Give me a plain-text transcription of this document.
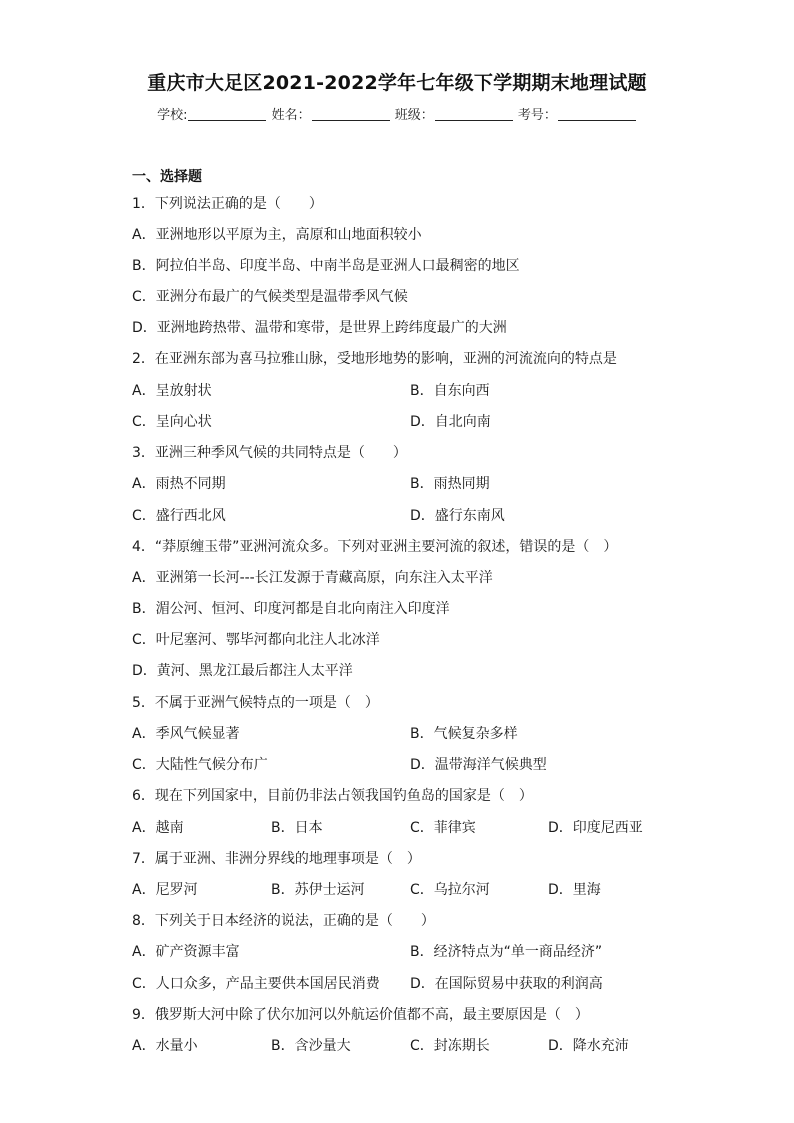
重庆市大足区2021-2022学年七年级下学期期末地理试题
学校:	姓名：	班级：	考号：
一、选择题
1．下列说法正确的是（　　）
A．亚洲地形以平原为主，高原和山地面积较小
B．阿拉伯半岛、印度半岛、中南半岛是亚洲人口最稠密的地区
C．亚洲分布最广的气候类型是温带季风气候
D．亚洲地跨热带、温带和寒带，是世界上跨纬度最广的大洲
2．在亚洲东部为喜马拉雅山脉，受地形地势的影响，亚洲的河流流向的特点是
A．呈放射状	B．自东向西
C．呈向心状	D．自北向南
3．亚洲三种季风气候的共同特点是（　　）
A．雨热不同期	B．雨热同期
C．盛行西北风	D．盛行东南风
4．“莽原缠玉带”亚洲河流众多。下列对亚洲主要河流的叙述，错误的是（　）
A．亚洲第一长河---长江发源于青藏高原，向东注入太平洋
B．湄公河、恒河、印度河都是自北向南注入印度洋
C．叶尼塞河、鄂毕河都向北注人北冰洋
D．黄河、黑龙江最后都注人太平洋
5．不属于亚洲气候特点的一项是（　）
A．季风气候显著	B．气候复杂多样
C．大陆性气候分布广	D．温带海洋气候典型
6．现在下列国家中，目前仍非法占领我国钓鱼岛的国家是（　）
A．越南	B．日本	C．菲律宾	D．印度尼西亚
7．属于亚洲、非洲分界线的地理事项是（　）
A．尼罗河	B．苏伊士运河	C．乌拉尔河	D．里海
8．下列关于日本经济的说法，正确的是（　　）
A．矿产资源丰富	B．经济特点为“单一商品经济”
C．人口众多，产品主要供本国居民消费 D．在国际贸易中获取的利润高
9．俄罗斯大河中除了伏尔加河以外航运价值都不高，最主要原因是（　）
A．水量小	B．含沙量大	C．封冻期长	D．降水充沛
